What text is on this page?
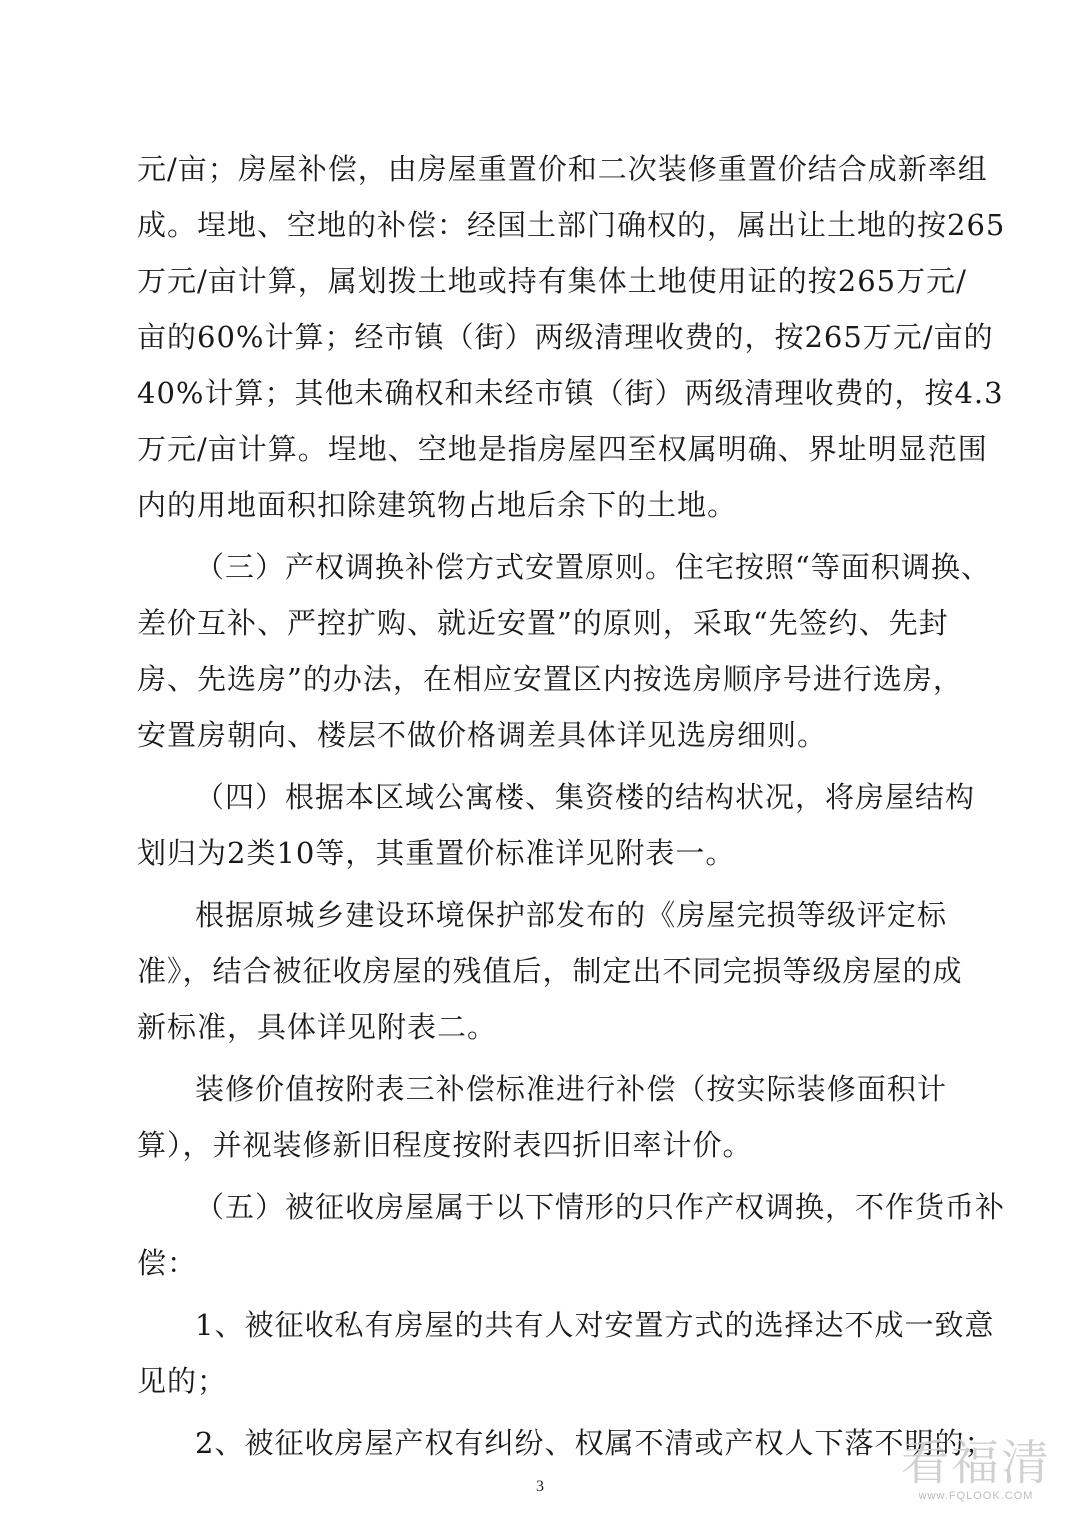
元/亩；房屋补偿，由房屋重置价和二次装修重置价结合成新率组
成。埕地、空地的补偿：经国土部门确权的，属出让土地的按265
万元/亩计算，属划拨土地或持有集体土地使用证的按265万元/
亩的60%计算；经市镇（街）两级清理收费的，按265万元/亩的
40%计算；其他未确权和未经市镇（街）两级清理收费的，按4.3
万元/亩计算。埕地、空地是指房屋四至权属明确、界址明显范围
内的用地面积扣除建筑物占地后余下的土地。
（三）产权调换补偿方式安置原则。住宅按照“等面积调换、
差价互补、严控扩购、就近安置”的原则，采取“先签约、先封
房、先选房”的办法，在相应安置区内按选房顺序号进行选房，
安置房朝向、楼层不做价格调差具体详见选房细则。
（四）根据本区域公寓楼、集资楼的结构状况，将房屋结构
划归为2类10等，其重置价标准详见附表一。
根据原城乡建设环境保护部发布的《房屋完损等级评定标
准》，结合被征收房屋的残值后，制定出不同完损等级房屋的成
新标准，具体详见附表二。
装修价值按附表三补偿标准进行补偿（按实际装修面积计
算），并视装修新旧程度按附表四折旧率计价。
（五）被征收房屋属于以下情形的只作产权调换，不作货币补
偿：
1、被征收私有房屋的共有人对安置方式的选择达不成一致意
见的；
2、被征收房屋产权有纠纷、权属不清或产权人下落不明的；
3	看福清
www.FQLOOK.COM
